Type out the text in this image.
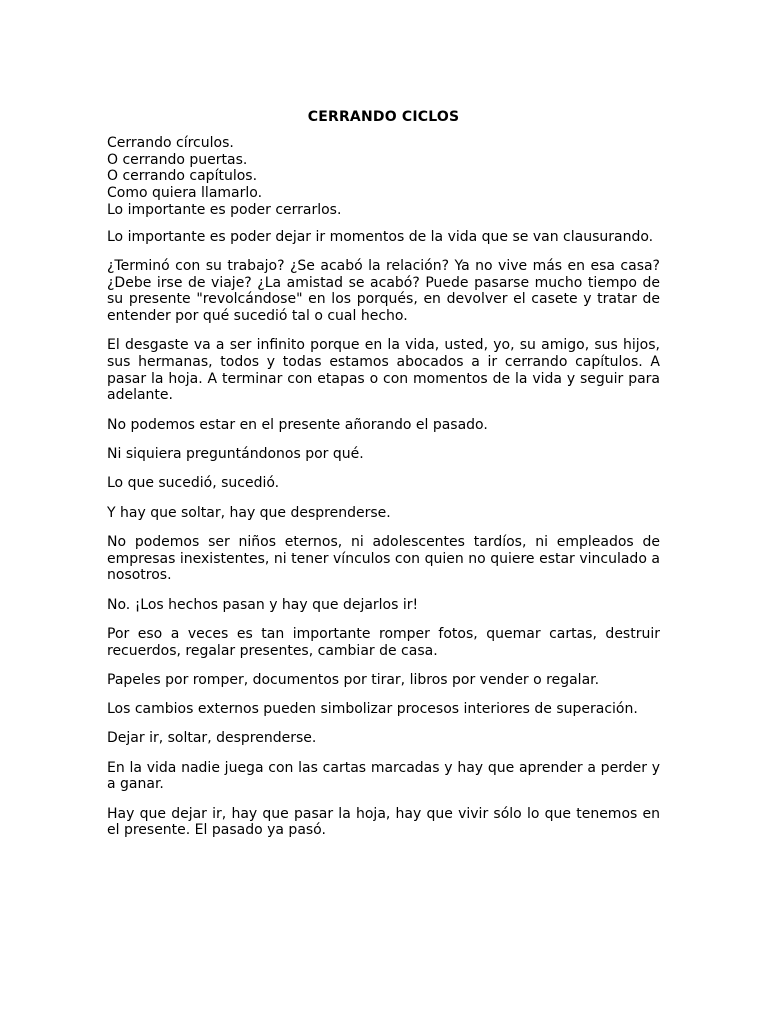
CERRANDO CICLOS
Cerrando círculos.
O cerrando puertas.
O cerrando capítulos.
Como quiera llamarlo.
Lo importante es poder cerrarlos.

Lo importante es poder dejar ir momentos de la vida que se van clausurando.

¿Terminó con su trabajo? ¿Se acabó la relación? Ya no vive más en esa casa? ¿Debe irse de viaje? ¿La amistad se acabó? Puede pasarse mucho tiempo de su presente "revolcándose" en los porqués, en devolver el casete y tratar de entender por qué sucedió tal o cual hecho.

El desgaste va a ser infinito porque en la vida, usted, yo, su amigo, sus hijos, sus hermanas, todos y todas estamos abocados a ir cerrando capítulos. A pasar la hoja. A terminar con etapas o con momentos de la vida y seguir para adelante.

No podemos estar en el presente añorando el pasado.

Ni siquiera preguntándonos por qué.

Lo que sucedió, sucedió.

Y hay que soltar, hay que desprenderse.

No podemos ser niños eternos, ni adolescentes tardíos, ni empleados de empresas inexistentes, ni tener vínculos con quien no quiere estar vinculado a nosotros.

No. ¡Los hechos pasan y hay que dejarlos ir!

Por eso a veces es tan importante romper fotos, quemar cartas, destruir recuerdos, regalar presentes, cambiar de casa.

Papeles por romper, documentos por tirar, libros por vender o regalar.

Los cambios externos pueden simbolizar procesos interiores de superación.

Dejar ir, soltar, desprenderse.

En la vida nadie juega con las cartas marcadas y hay que aprender a perder y a ganar.

Hay que dejar ir, hay que pasar la hoja, hay que vivir sólo lo que tenemos en el presente. El pasado ya pasó.
